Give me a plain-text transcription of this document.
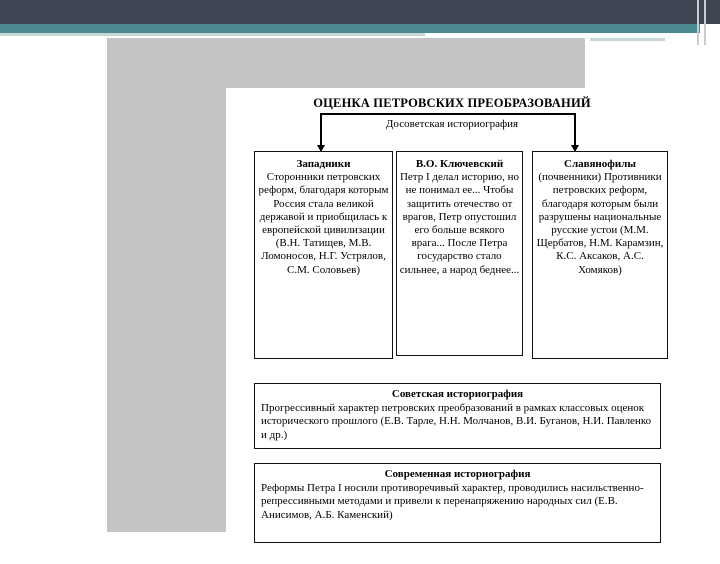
ОЦЕНКА ПЕТРОВСКИХ ПРЕОБРАЗОВАНИЙ
Досоветская историография
Западники
Сторонники петровских реформ, благодаря которым Россия стала великой державой и приобщилась к европейской цивилизации (В.Н. Татищев, М.В. Ломоносов, Н.Г. Устрялов, С.М. Соловьев)
В.О. Ключевский
Петр I делал историю, но не понимал ее... Чтобы защитить отечество от врагов, Петр опустошил его больше всякого врага... После Петра государство стало сильнее, а народ беднее...
Славянофилы
(почвенники) Противники петровских реформ, благодаря которым были разрушены национальные русские устои (М.М. Щербатов, Н.М. Карамзин, К.С. Аксаков, А.С. Хомяков)
Советская историография
Прогрессивный характер петровских преобразований в рамках классовых оценок исторического прошлого (Е.В. Тарле, Н.Н. Молчанов, В.И. Буганов, Н.И. Павленко и др.)
Современная историография
Реформы Петра I носили противоречивый характер, проводились насильственно-репрессивными методами и привели к перенапряжению народных сил (Е.В. Анисимов, А.Б. Каменский)
